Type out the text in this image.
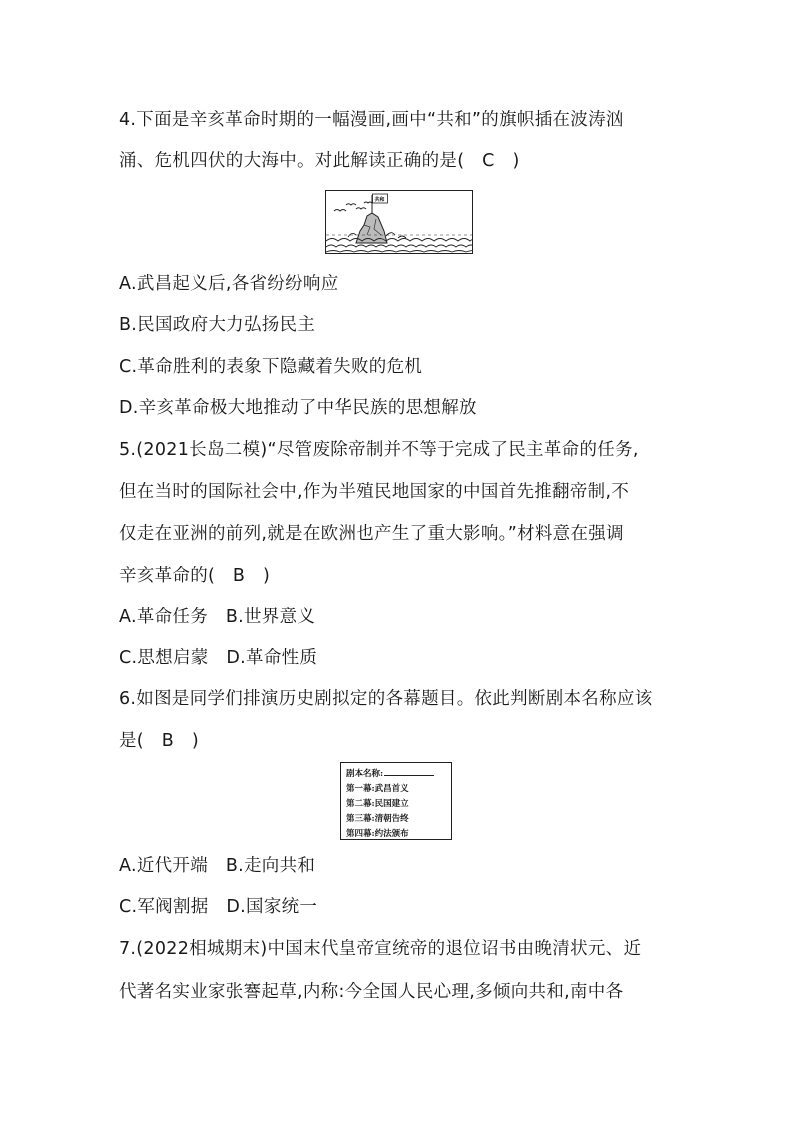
4.下面是辛亥革命时期的一幅漫画,画中“共和”的旗帜插在波涛汹
涌、危机四伏的大海中。对此解读正确的是(　C　)
共和
A.武昌起义后,各省纷纷响应
B.民国政府大力弘扬民主
C.革命胜利的表象下隐藏着失败的危机
D.辛亥革命极大地推动了中华民族的思想解放
5.(2021长岛二模)“尽管废除帝制并不等于完成了民主革命的任务,
但在当时的国际社会中,作为半殖民地国家的中国首先推翻帝制,不
仅走在亚洲的前列,就是在欧洲也产生了重大影响。”材料意在强调
辛亥革命的(　B　)
A.革命任务　B.世界意义
C.思想启蒙　D.革命性质
6.如图是同学们排演历史剧拟定的各幕题目。依此判断剧本名称应该
是(　B　)
剧本名称:
第一幕:武昌首义
第二幕:民国建立
第三幕:清朝告终
第四幕:约法颁布
A.近代开端　B.走向共和
C.军阀割据　D.国家统一
7.(2022相城期末)中国末代皇帝宣统帝的退位诏书由晚清状元、近
代著名实业家张謇起草,内称:今全国人民心理,多倾向共和,南中各
